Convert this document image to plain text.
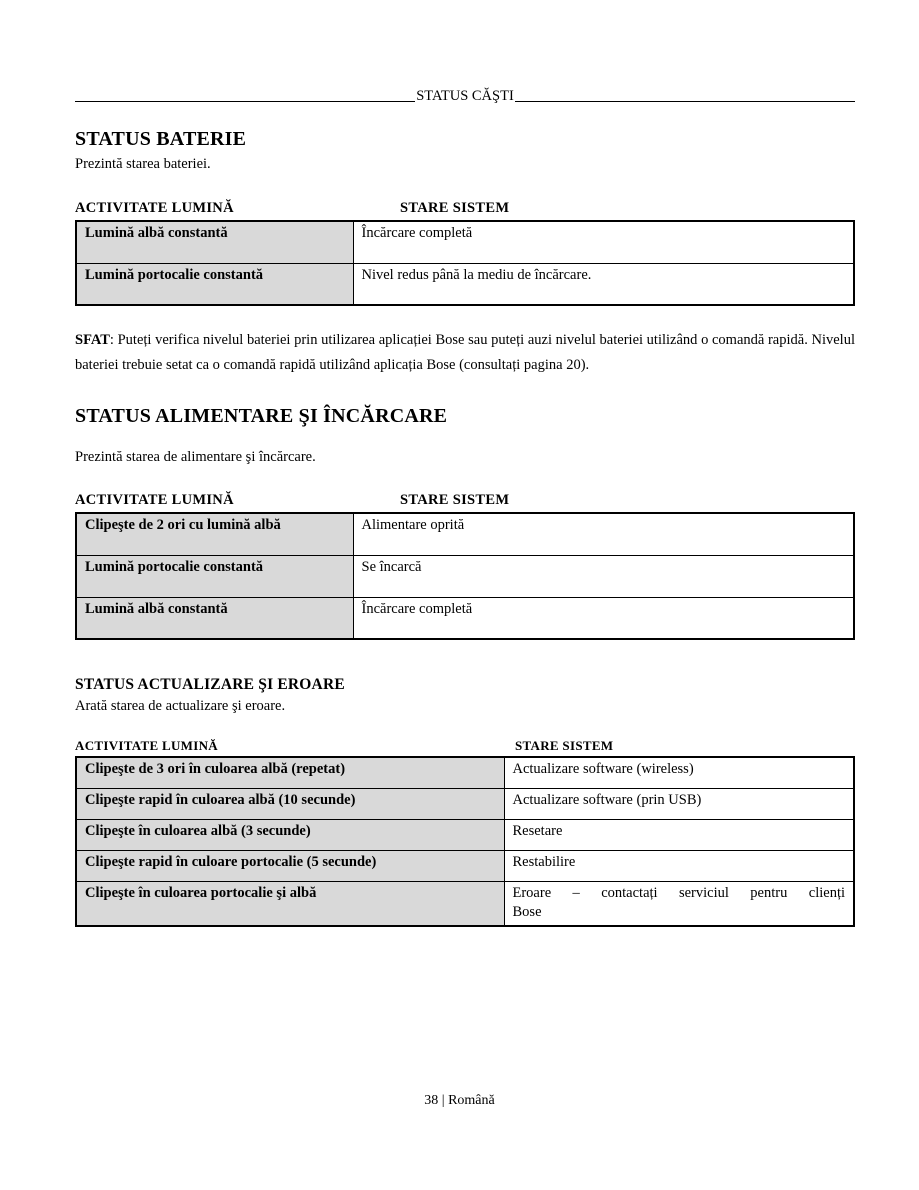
STATUS CĂŞTI
STATUS BATERIE

Prezintă starea bateriei.

ACTIVITATE LUMINĂ	STARE SISTEM
Lumină albă constantă	Încărcare completă
Lumină portocalie constantă	Nivel redus până la mediu de încărcare.

SFAT: Puteți verifica nivelul bateriei prin utilizarea aplicației Bose sau puteți auzi nivelul bateriei utilizând o comandă rapidă. Nivelul bateriei trebuie setat ca o comandă rapidă utilizând aplicația Bose (consultați pagina 20).

STATUS ALIMENTARE ŞI ÎNCĂRCARE

Prezintă starea de alimentare şi încărcare.

ACTIVITATE LUMINĂ	STARE SISTEM
Clipeşte de 2 ori cu lumină albă	Alimentare oprită
Lumină portocalie constantă	Se încarcă
Lumină albă constantă	Încărcare completă
STATUS ACTUALIZARE ŞI EROARE

Arată starea de actualizare şi eroare.

ACTIVITATE LUMINĂ	STARE SISTEM
Clipeşte de 3 ori în culoarea albă (repetat)	Actualizare software (wireless)
Clipeşte rapid în culoarea albă (10 secunde)	Actualizare software (prin USB)
Clipeşte în culoarea albă (3 secunde)	Resetare
Clipeşte rapid în culoare portocalie (5 secunde)	Restabilire
Clipeşte în culoarea portocalie şi albă	Eroare – contactați serviciul pentru clienți
Bose
38 | Română
